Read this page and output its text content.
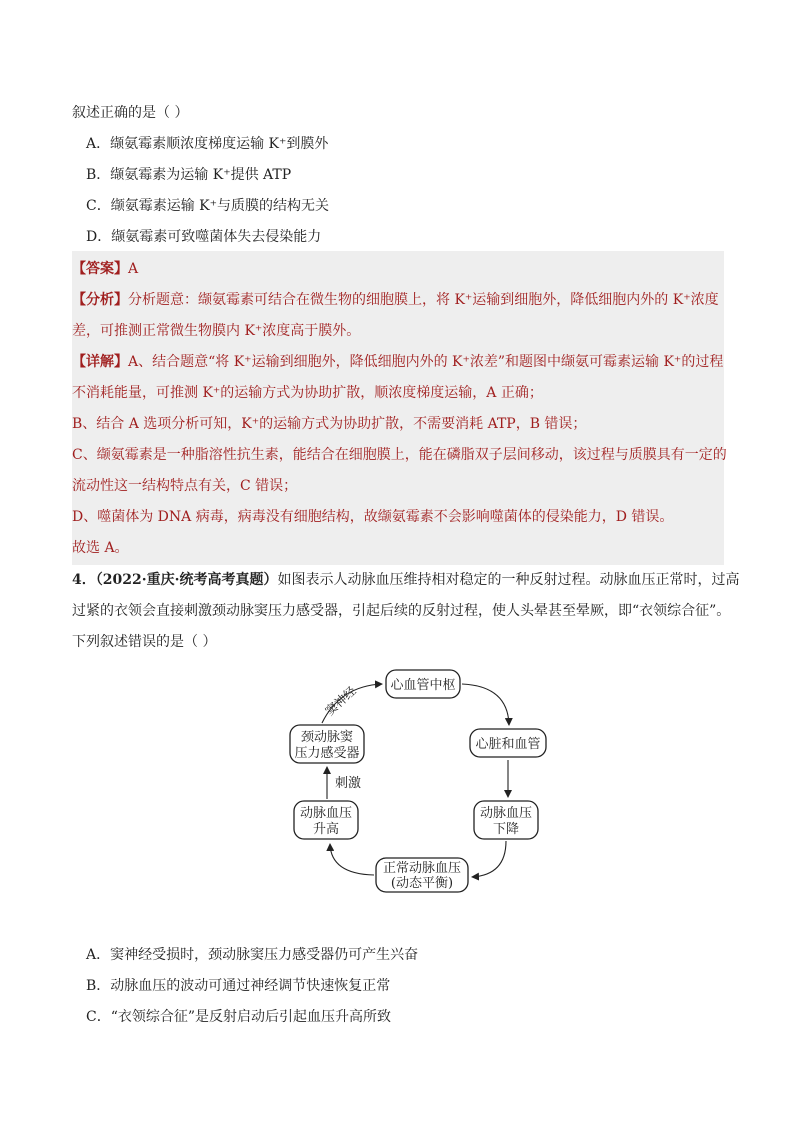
叙述正确的是（ ）
A．缬氨霉素顺浓度梯度运输 K⁺到膜外
B．缬氨霉素为运输 K⁺提供 ATP
C．缬氨霉素运输 K⁺与质膜的结构无关
D．缬氨霉素可致噬菌体失去侵染能力
【答案】A
【分析】分析题意：缬氨霉素可结合在微生物的细胞膜上，将 K⁺运输到细胞外，降低细胞内外的 K⁺浓度
差，可推测正常微生物膜内 K⁺浓度高于膜外。
【详解】A、结合题意“将 K⁺运输到细胞外，降低细胞内外的 K⁺浓差”和题图中缬氨可霉素运输 K⁺的过程
不消耗能量，可推测 K⁺的运输方式为协助扩散，顺浓度梯度运输，A 正确；
B、结合 A 选项分析可知，K⁺的运输方式为协助扩散，不需要消耗 ATP，B 错误；
C、缬氨霉素是一种脂溶性抗生素，能结合在细胞膜上，能在磷脂双子层间移动，该过程与质膜具有一定的
流动性这一结构特点有关，C 错误；
D、噬菌体为 DNA 病毒，病毒没有细胞结构，故缬氨霉素不会影响噬菌体的侵染能力，D 错误。
故选 A。
4．（2022·重庆·统考高考真题）如图表示人动脉血压维持相对稳定的一种反射过程。动脉血压正常时，过高
过紧的衣领会直接刺激颈动脉窦压力感受器，引起后续的反射过程，使人头晕甚至晕厥，即“衣领综合征”。
下列叙述错误的是（ ）
心血管中枢
心脏和血管
动脉血压
下降
正常动脉血压
(动态平衡)
动脉血压
升高
颈动脉窦
压力感受器
刺激
窦神经
A．窦神经受损时，颈动脉窦压力感受器仍可产生兴奋
B．动脉血压的波动可通过神经调节快速恢复正常
C．“衣领综合征”是反射启动后引起血压升高所致
